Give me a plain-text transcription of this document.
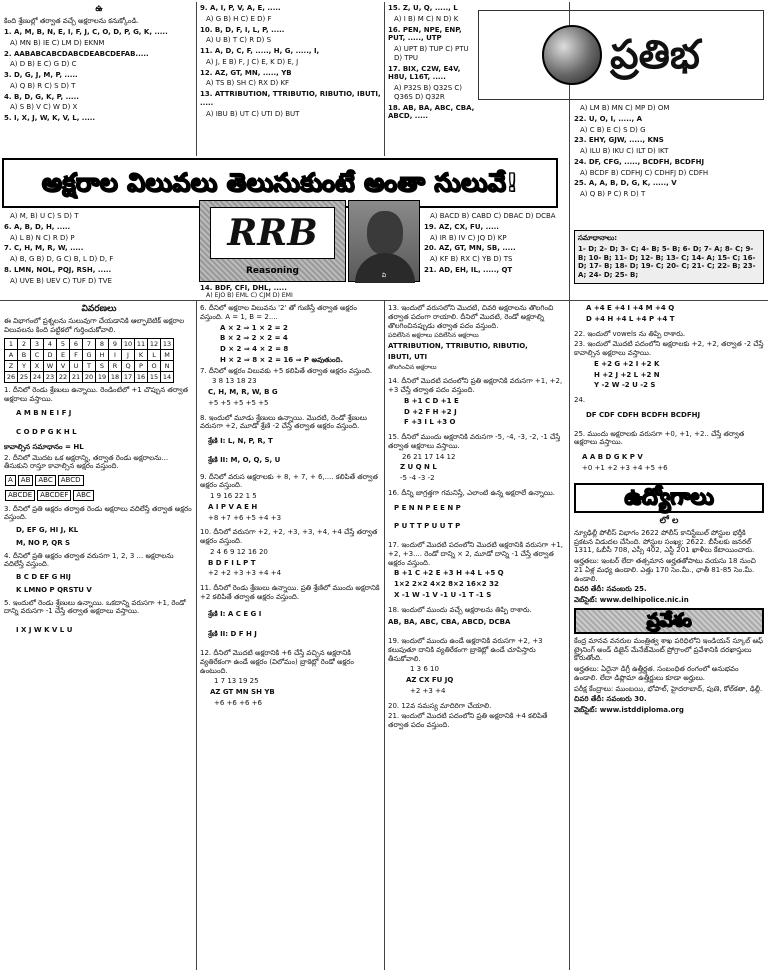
ఉ
కింది శ్రేణుల్లో తర్వాత వచ్చే అక్షరాలను కనుక్కోండి.
1. A, M, B, N, E, I, F, J, C, O, D, P, G, K, .....
A) MN B) IE C) LM D) EKNM
2. AABABCABCDABCDEABCDEFAB.....
A) D B) E C) G D) C
3. D, G, J, M, P, .....
A) Q B) R C) S D) T
4. B, D, G, K, P, .....
A) S B) V C) W D) X
5. I, X, J, W, K, V, L, .....
9. A, I, P, V, A, E, .....
A) G B) H C) E D) F
10. B, D, F, I, L, P, .....
A) U B) T C) R D) S
11. A, D, C, F, ....., H, G, ....., I,
A) J, E B) F, J C) E, K D) E, J
12. AZ, GT, MN, ....., YB
A) TS B) SH C) RX D) KF
13. ATTRIBUTION, TTRIBUTIO, RIBUTIO, IBUTI, .....
A) IBU B) UT C) UTI D) BUT
15. Z, U, Q, ....., L
A) I B) M C) N D) K
16. PEN, NPE, ENP, PUT, ....., UTP
A) UPT B) TUP C) PTU D) TPU
17. BIX, C2W, E4V, H8U, L16T, .....
A) P32S B) Q32S C) Q36S D) Q32R
18. AB, BA, ABC, CBA, ABCD, .....
ప్రతిభ
A) LM B) MN C) MP D) OM
22. U, O, I, ....., A
A) C B) E C) S D) G
23. EHY, GJW, ....., KNS
A) ILU B) IKU C) ILT D) IKT
24. DF, CFG, ....., BCDFH, BCDFHJ
A) BCDF B) CDFHJ C) CDHFJ D) CDFH
25. A, A, B, D, G, K, ....., V
A) Q B) P C) R D) T
అక్షరాల విలువలు తెలుసుకుంటే అంతా సులువే!
A) M, B) U C) S D) T
6. A, B, D, H, .....
A) L B) N C) R D) P
7. C, H, M, R, W, .....
A) B, G B) D, G C) B, L D) D, F
8. LMN, NOL, PQJ, RSH, .....
A) UVE B) UEV C) TUF D) TVE
RRB
Reasoning	వి
14. BDF, CFI, DHL, .....
A) EJO B) EML C) CJM D) EMI
A) BACD B) CABD C) DBAC D) DCBA
19. AZ, CX, FU, .....
A) IR B) IV C) JQ D) KP
20. AZ, GT, MN, SB, .....
A) KF B) RX C) YB D) TS
21. AD, EH, IL, ....., QT
సమాధానాలు:
1- D; 2- D; 3- C; 4- B; 5- B; 6- D; 7- A; 8- C; 9- B; 10- B; 11- D; 12- B; 13- C; 14- A; 15- C; 16- D; 17- B; 18- D; 19- C; 20- C; 21- C; 22- B; 23- A; 24- D; 25- B;
వివరణలు
ఈ విభాగంలో ప్రశ్నలను సులువుగా చేయడానికి ఆల్ఫాబెటిక్ అక్షరాల విలువలను కింది పట్టికలో గుర్తించుకోవాలి.
1	2	3	4	5	6	7	8	9	10	11	12	13
A	B	C	D	E	F	G	H	I	J	K	L	M
Z	Y	X	W	V	U	T	S	R	Q	P	O	N
26	25	24	23	22	21	20	19	18	17	16	15	14
1. దీనిలో రెండు శ్రేణులు ఉన్నాయి. రెండింటిలో +1 చొప్పున తర్వాత అక్షరాలు వస్తాయి.
A M B N E I F J
C O D P G K H L
కావాల్సిన సమాధానం = HL
2. దీనిలో మొదట ఒక అక్షరాన్ని, తర్వాత రెండు అక్షరాలను... తీసుకుని రాస్తూ కావాల్సిన అక్షరం వస్తుంది.
A AB ABC ABCD
ABCDE ABCDEF ABC
3. దీనిలో ప్రతి అక్షరం తర్వాత రెండు అక్షరాలు వదిలేస్తే తర్వాత అక్షరం వస్తుంది.
D, EF G, HI J, KL
M, NO P, QR S
4. దీనిలో ప్రతి అక్షరం తర్వాత వరుసగా 1, 2, 3 ... అక్షరాలను వదిలేస్తే వస్తుంది.
B C D EF G HIJ
K LMNO P QRSTU V
5. ఇందులో రెండు శ్రేణులు ఉన్నాయి. ఒకదాన్ని వరుసగా +1, రెండో దాన్ని వరుసగా -1 చేస్తే తర్వాత అక్షరాలు వస్తాయి.
I X J W K V L U
6. దీనిలో అక్షరాల విలువను '2' తో గుణిస్తే తర్వాత అక్షరం వస్తుంది. A = 1, B = 2....
A × 2 ⇒ 1 × 2 = 2
B × 2 ⇒ 2 × 2 = 4
D × 2 ⇒ 4 × 2 = 8
H × 2 ⇒ 8 × 2 = 16 ⇒ P అవుతుంది.
7. దీనిలో అక్షరం విలువకు +5 కలిపితే తర్వాత అక్షరం వస్తుంది.
3 8 13 18 23
C, H, M, R, W, B G
+5 +5 +5 +5 +5
8. ఇందులో మూడు శ్రేణులు ఉన్నాయి. మొదటి, రెండో శ్రేణులు వరుసగా +2, మూడో శ్రేణి -2 చేస్తే తర్వాత అక్షరం వస్తుంది.
శ్రేణి I: L, N, P, R, T
శ్రేణి II: M, O, Q, S, U
9. దీనిలో వరుస అక్షరాలకు + 8, + 7, + 6,.... కలిపితే తర్వాత అక్షరం వస్తుంది.
1 9 16 22 1 5
A I P V A E H
+8 +7 +6 +5 +4 +3
10. దీనిలో వరుసగా +2, +2, +3, +3, +4, +4 చేస్తే తర్వాత అక్షరం వస్తుంది.
2 4 6 9 12 16 20
B D F I L P T
+2 +2 +3 +3 +4 +4
11. దీనిలో రెండు శ్రేణులు ఉన్నాయి. ప్రతి శ్రేణిలో ముందు అక్షరానికి +2 కలిపితే తర్వాత అక్షరం వస్తుంది.
శ్రేణి I: A C E G I
శ్రేణి II: D F H J
12. దీనిలో మొదటి అక్షరానికి +6 చేస్తే వచ్చిన అక్షరానికి వ్యతిరేకంగా ఉండే అక్షరం (విలోమం) బ్రాకెట్లో రెండో అక్షరం ఉంటుంది.
1 7 13 19 25
AZ GT MN SH YB
+6 +6 +6 +6
13. ఇందులో వరుసలోని మొదటి, చివరి అక్షరాలను తొలగించి తర్వాత పదంగా రాయాలి. దీనిలో మొదటి, రెండో అక్షరాల్ని తొలగించినప్పుడు తర్వాత పదం వస్తుంది.
పదిలేసిన అక్షరాలు పదిలేసిన అక్షరాలు
ATTRIBUTION, TTRIBUTIO, RIBUTIO,
IBUTI, UTI
తొలగించిన అక్షరాలు
14. దీనిలో మొదటి పదంలోని ప్రతి అక్షరానికి వరుసగా +1, +2, +3 చేస్తే తర్వాత పదం వస్తుంది.
B +1 C D +1 E
D +2 F H +2 J
F +3 I L +3 O
15. దీనిలో ముందు అక్షరానికి వరుసగా -5, -4, -3, -2, -1 చేస్తే తర్వాత అక్షరాలు వస్తాయి.
26 21 17 14 12
Z U Q N L
-5 -4 -3 -2
16. దీన్ని జాగ్రత్తగా గమనిస్తే, ఎలాంటి ఉన్న అక్షరాలే ఉన్నాయి.
P E N N P E E N P
P U T T P U U T P
17. ఇందులో మొదటి పదంలోని మొదటి అక్షరానికి వరుసగా +1, +2, +3.... రెండో దాన్ని × 2, మూడో దాన్ని -1 చేస్తే తర్వాత అక్షరం వస్తుంది.
B +1 C +2 E +3 H +4 L +5 Q
1×2 2×2 4×2 8×2 16×2 32
X -1 W -1 V -1 U -1 T -1 S
18. ఇందులో ముందు వచ్చే అక్షరాలను తిప్పి రాశారు.
AB, BA, ABC, CBA, ABCD, DCBA
19. ఇందులో ముందు ఉండే అక్షరానికి వరుసగా +2, +3 కలుపుతూ దానికి వ్యతిరేకంగా బ్రాకెట్లో ఉండే చూపిస్తారు తీసుకోవాలి.
1 3 6 10
AZ CX FU JQ
+2 +3 +4
20. 12వ సమస్య మాదిరిగా చేయాలి.
21. ఇందులో మొదటి పదంలోని ప్రతి అక్షరానికి +4 కలిపితే తర్వాత పదం వస్తుంది.
A +4 E +4 I +4 M +4 Q
D +4 H +4 L +4 P +4 T
22. ఇందులో vowels ను తిప్పి రాశారు.
23. ఇందులో మొదటి పదంలోని అక్షరాలకు +2, +2, తర్వాత -2 చేస్తే కావాల్సిన అక్షరాలు వస్తాయి.
E +2 G +2 I +2 K
H +2 J +2 L +2 N
Y -2 W -2 U -2 S
24.
DF CDF CDFH BCDFH BCDFHJ
25. ముందు అక్షరాలకు వరుసగా +0, +1, +2.. చేస్తే తర్వాత అక్షరాలు వస్తాయి.
A A B D G K P V
+0 +1 +2 +3 +4 +5 +6
ఉద్యోగాలు
లో ల
న్యూఢిల్లీ పోలీస్ విభాగం 2622 పోలీస్ కానిస్టేబుల్ పోస్టుల భర్తీకి ప్రకటన విడుదల చేసింది. పోస్టుల సంఖ్య: 2622. బీసీలకు జనరల్ 1311, ఓబీసీ 708, ఎస్సీ 402, ఎస్టీ 201 ఖాళీలు కేటాయించారు.
అర్హతలు: ఇంటర్ లేదా తత్సమాన అర్హతతోపాటు వయసు 18 నుంచి 21 ఏళ్ల మధ్య ఉండాలి. ఎత్తు 170 సెం.మీ., ఛాతీ 81-85 సెం.మీ. ఉండాలి.
చివరి తేదీ: నవంబరు 25.
వెబ్‌సైట్: www.delhipolice.nic.in
ప్రవేశం
కేంద్ర మానవ వనరుల మంత్రిత్వ శాఖ పరిధిలోని ఇండియన్ స్కూల్ ఆఫ్ ట్రైనింగ్ అండ్ డిజైన్ మేనేజ్‌మెంట్ ప్రోగ్రాంలో ప్రవేశానికి దరఖాస్తులు కోరుతోంది.
అర్హతలు: ఏదైనా డిగ్రీ ఉత్తీర్ణత. సంబంధిత రంగంలో అనుభవం ఉండాలి. లేదా డిప్లొమా ఉత్తీర్ణులు కూడా అర్హులు.
పరీక్ష కేంద్రాలు: ముంబయి, భోపాల్, హైదరాబాద్, పుణె, కోల్‌కతా, ఢిల్లీ.
చివరి తేదీ: నవంబరు 30.
వెబ్‌సైట్: www.istddiploma.org
